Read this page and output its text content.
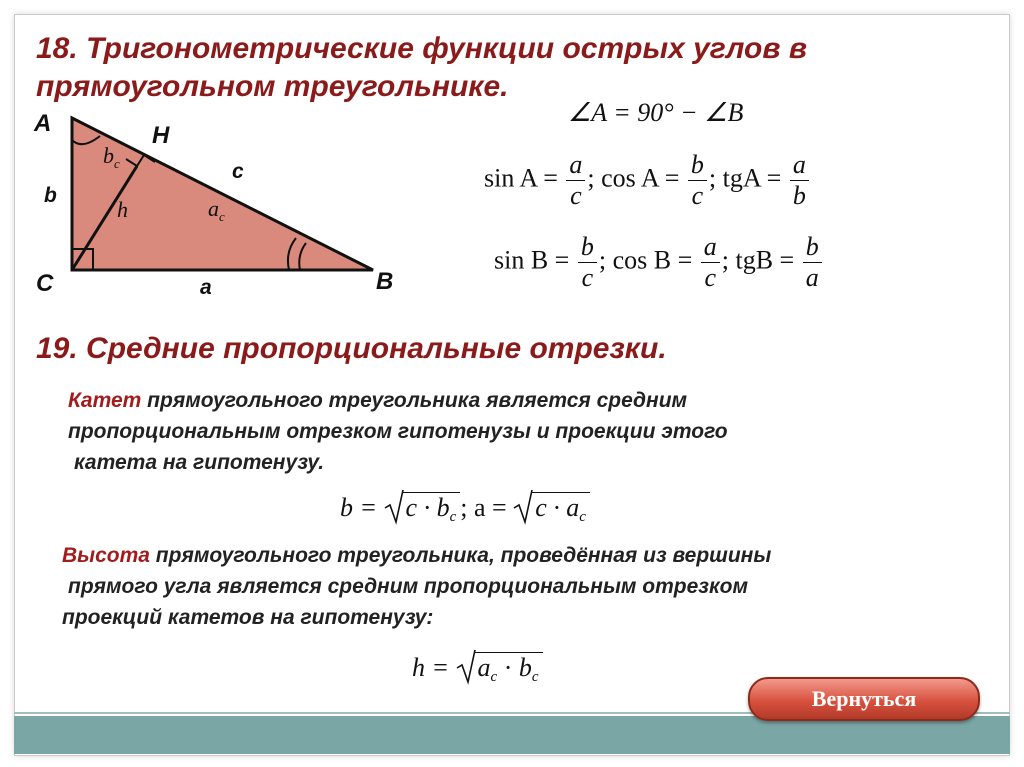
18. Тригонометрические функции острых углов в
прямоугольном треугольнике.
A	H
C	B
b
c
a
h
$b_c$
$a_c$
∠A = 90° − ∠B
$\sin A = \frac{a}{c}$ ; $\cos A = \frac{b}{c}$ ; tgA = $\frac{a}{b}$
$\sin B = \frac{b}{c}$ ; $\cos B = \frac{a}{c}$ ; tgB = $\frac{b}{a}$
19. Средние пропорциональные отрезки.
Катет прямоугольного треугольника является средним
пропорциональным отрезком гипотенузы и проекции этого
катета на гипотенузу.
$b = c \cdot b_c$ ; $a = c \cdot a_c$
Высота прямоугольного треугольника, проведённая из вершины
прямого угла является средним пропорциональным отрезком
проекций катетов на гипотенузу:
$h = a_c \cdot b_c$
Вернуться
